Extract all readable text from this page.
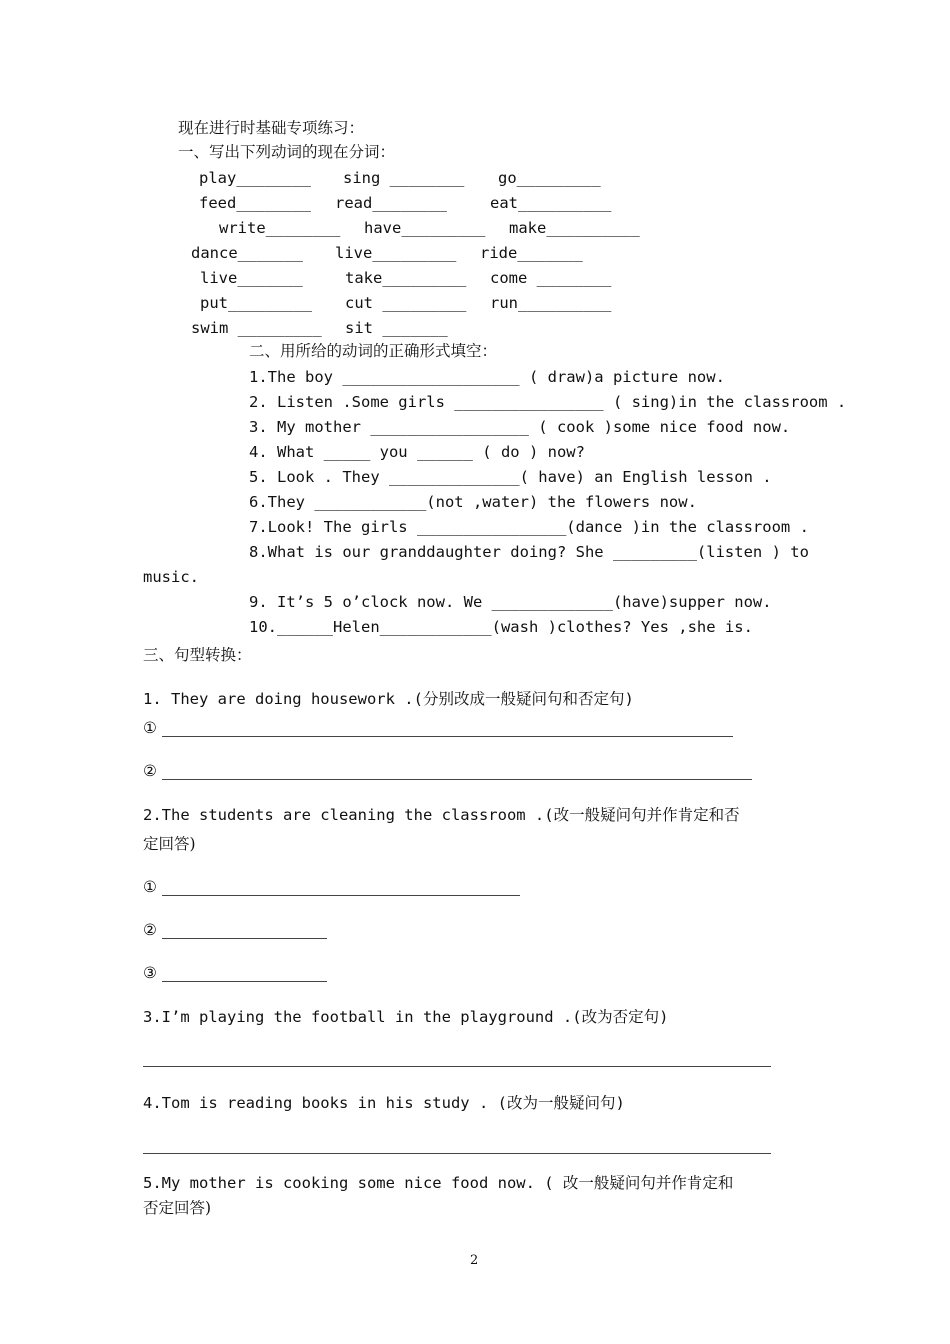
现在进行时基础专项练习：
一、写出下列动词的现在分词：
play________ sing ________ go_________
feed________ read________	eat__________
write________ have_________ make__________
dance_______ live_________ ride_______
live_______	take_________ come ________
put_________ cut _________ run__________
swim _________ sit _______
二、用所给的动词的正确形式填空：
1.The boy ___________________ ( draw)a picture now.
2. Listen .Some girls ________________ ( sing)in the classroom .
3. My mother _________________ ( cook )some nice food now.
4. What _____ you ______ ( do ) now?
5. Look . They ______________( have) an English lesson .
6.They ____________(not ,water) the flowers now.
7.Look! The girls ________________(dance )in the classroom .
8.What is our granddaughter doing? She _________(listen ) to
music.
9. It’s 5 o’clock now. We _____________(have)supper now.
10.______Helen____________(wash )clothes? Yes ,she is.
三、句型转换：
1. They are doing housework .(分别改成一般疑问句和否定句)
①
②
2.The students are cleaning the classroom .(改一般疑问句并作肯定和否
定回答)
①
②
③
3.I’m playing the football in the playground .(改为否定句)
4.Tom is reading books in his study . (改为一般疑问句)
5.My mother is cooking some nice food now. ( 改一般疑问句并作肯定和
否定回答)
2
